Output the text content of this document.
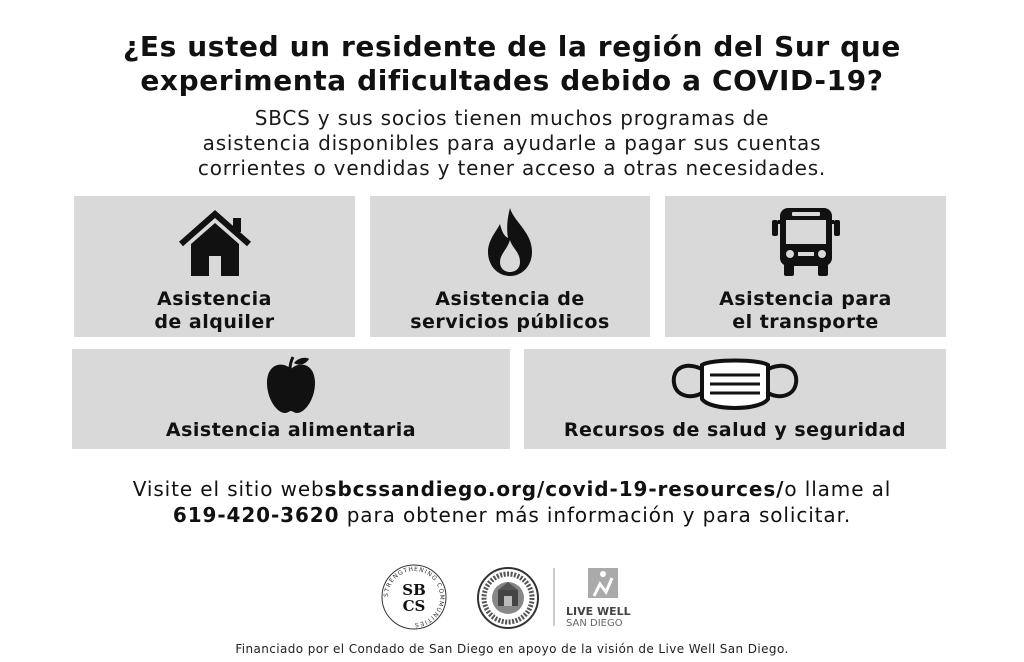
¿Es usted un residente de la región del Sur que
experimenta dificultades debido a COVID-19?
SBCS y sus socios tienen muchos programas de
asistencia disponibles para ayudarle a pagar sus cuentas
corrientes o vendidas y tener acceso a otras necesidades.
Asistencia
de alquiler
Asistencia de
servicios públicos
Asistencia para
el transporte
Asistencia alimentaria	Recursos de salud y seguridad
Visite el sitio websbcssandiego.org/covid-19-resources/o llame al
619-420-3620 para obtener más información y para solicitar.
STRENGTHENING COMMUNITIES
SB
CS	LIVE WELL
SAN DIEGO
Financiado por el Condado de San Diego en apoyo de la visión de Live Well San Diego.
